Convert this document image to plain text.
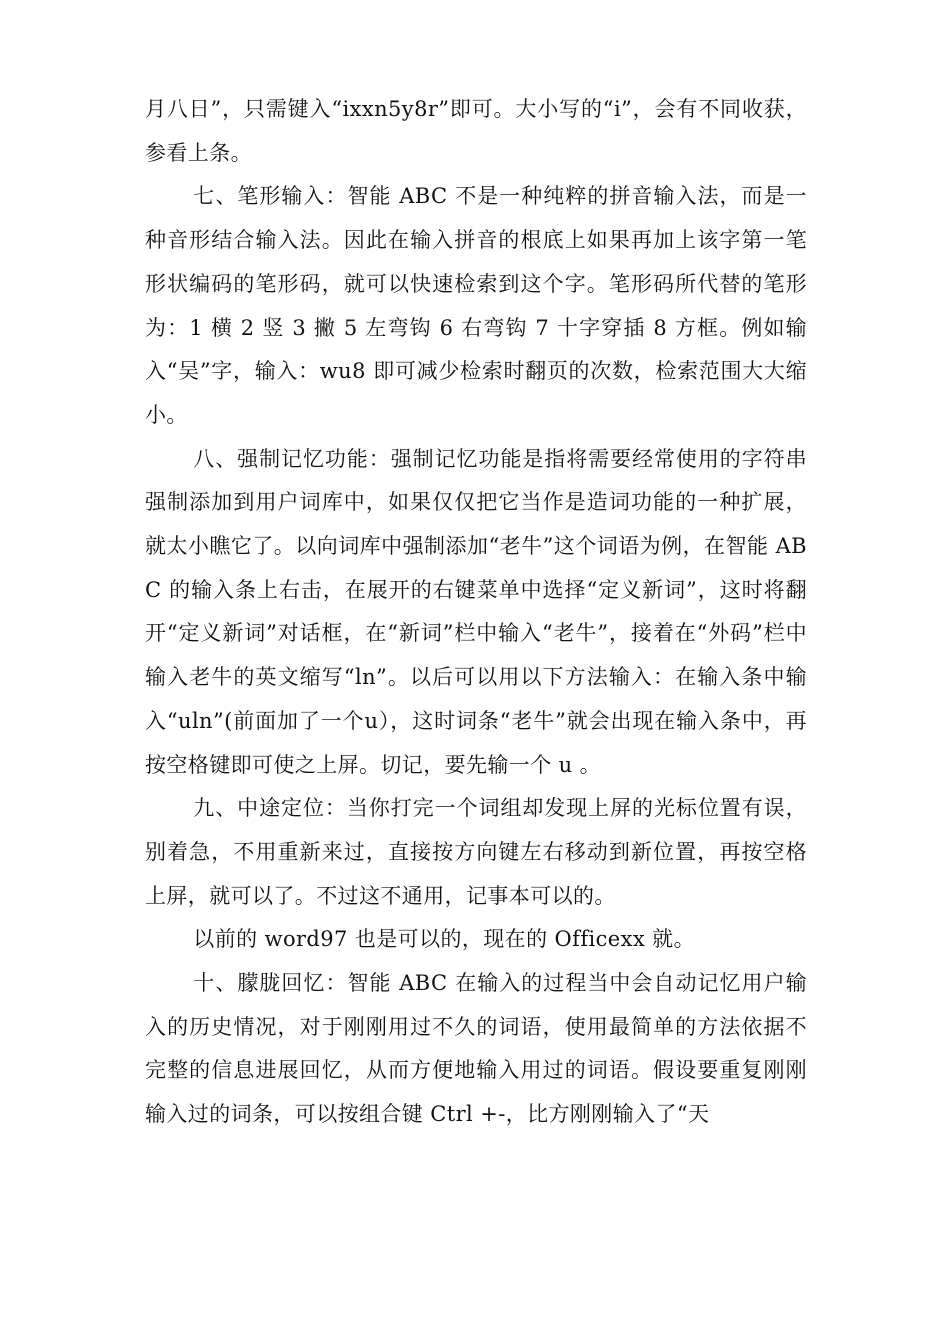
月八日”，只需键入“ixxn5y8r”即可。大小写的“i”，会有不同收获，参看上条。

七、笔形输入：智能 ABC 不是一种纯粹的拼音输入法，而是一种音形结合输入法。因此在输入拼音的根底上如果再加上该字第一笔形状编码的笔形码，就可以快速检索到这个字。笔形码所代替的笔形为：1 横 2 竖 3 撇 5 左弯钩 6 右弯钩 7 十字穿插 8 方框。例如输入“吴”字，输入：wu8 即可减少检索时翻页的次数，检索范围大大缩小。

八、强制记忆功能：强制记忆功能是指将需要经常使用的字符串强制添加到用户词库中，如果仅仅把它当作是造词功能的一种扩展，就太小瞧它了。以向词库中强制添加“老牛”这个词语为例，在智能 ABC 的输入条上右击，在展开的右键菜单中选择“定义新词”，这时将翻开“定义新词”对话框，在“新词”栏中输入“老牛”，接着在“外码”栏中输入老牛的英文缩写“ln”。以后可以用以下方法输入：在输入条中输入“uln”(前面加了一个u），这时词条“老牛”就会出现在输入条中，再按空格键即可使之上屏。切记，要先输一个 u 。

九、中途定位：当你打完一个词组却发现上屏的光标位置有误，别着急，不用重新来过，直接按方向键左右移动到新位置，再按空格上屏，就可以了。不过这不通用，记事本可以的。

以前的 word97 也是可以的，现在的 Officexx 就。

十、朦胧回忆：智能 ABC 在输入的过程当中会自动记忆用户输入的历史情况，对于刚刚用过不久的词语，使用最简单的方法依据不完整的信息进展回忆，从而方便地输入用过的词语。假设要重复刚刚输入过的词条，可以按组合键 Ctrl +-，比方刚刚输入了“天
